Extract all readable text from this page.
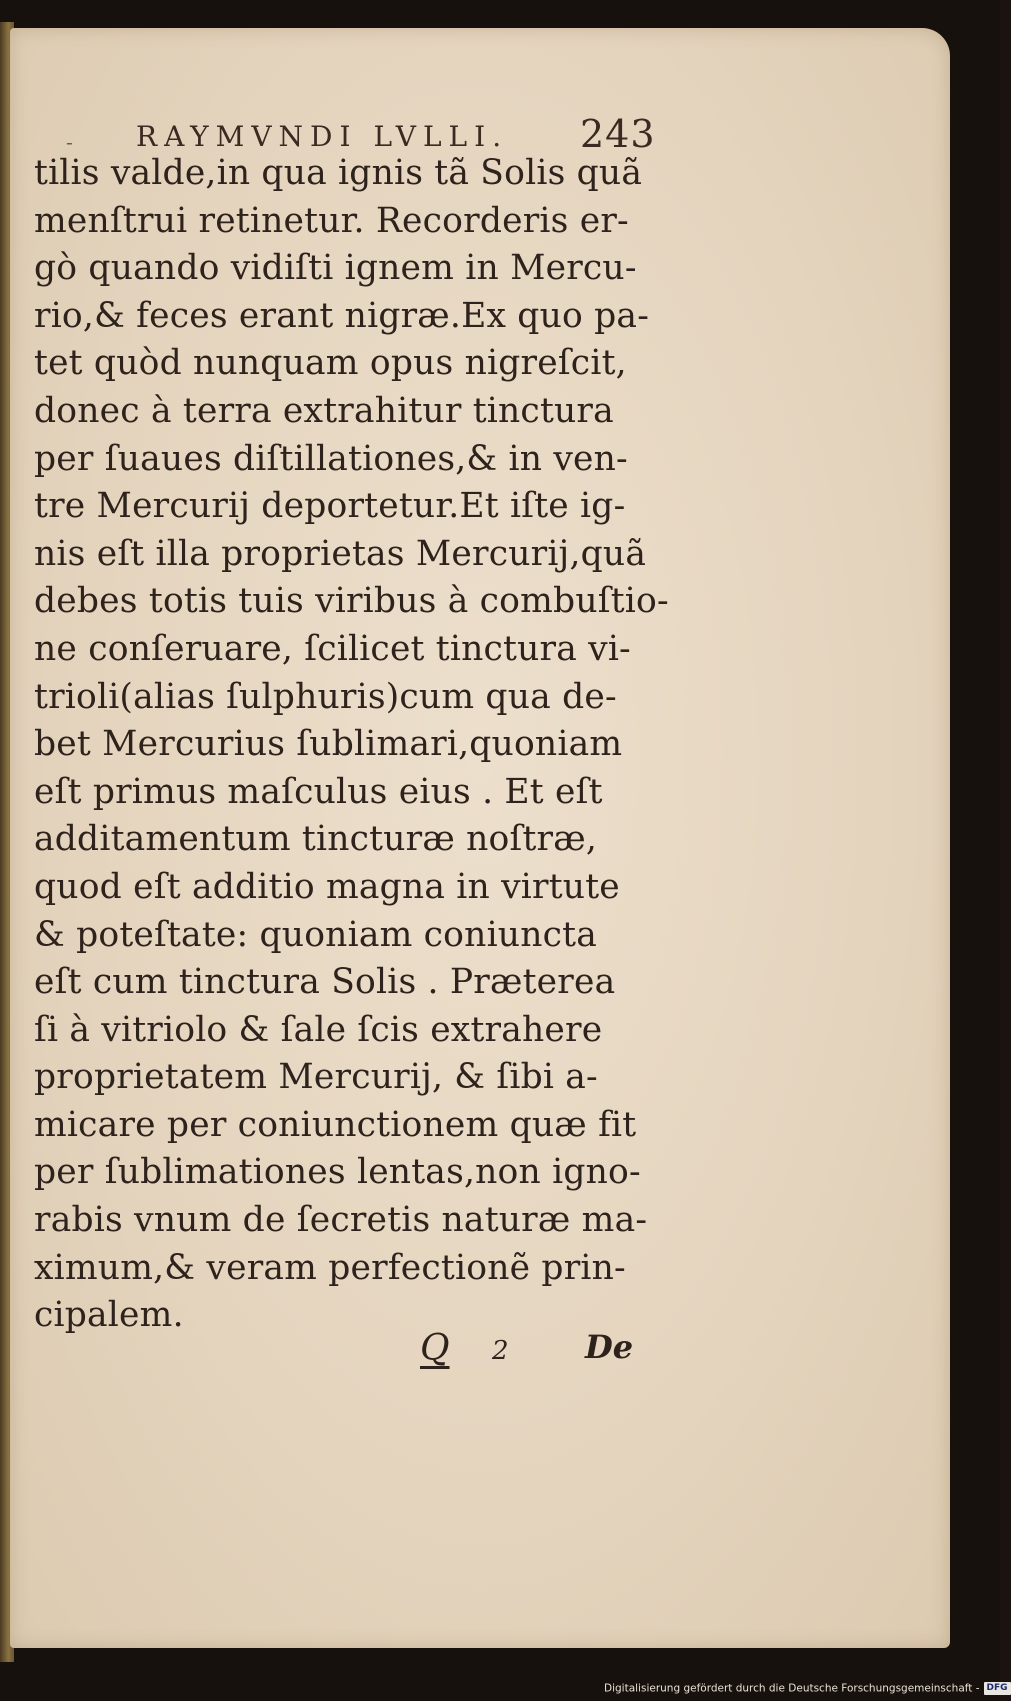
- RAYMVNDI LVLLI. 243
tilis valde,in qua ignis tã Solis quã
menſtrui retinetur. Recorderis er-
gò quando vidiſti ignem in Mercu-
rio,& feces erant nigræ.Ex quo pa-
tet quòd nunquam opus nigreſcit,
donec à terra extrahitur tinctura
per ſuaues diſtillationes,& in ven-
tre Mercurij deportetur.Et iſte ig-
nis eſt illa proprietas Mercurij,quã
debes totis tuis viribus à combuſtio-
ne conſeruare, ſcilicet tinctura vi-
trioli(alias ſulphuris)cum qua de-
bet Mercurius ſublimari,quoniam
eſt primus maſculus eius . Et eſt
additamentum tincturæ noſtræ,
quod eſt additio magna in virtute
& poteſtate: quoniam coniuncta
eſt cum tinctura Solis . Præterea
ſi à vitriolo & ſale ſcis extrahere
proprietatem Mercurij, & ſibi a-
micare per coniunctionem quæ fit
per ſublimationes lentas,non igno-
rabis vnum de ſecretis naturæ ma-
ximum,& veram perfectionẽ prin-
cipalem.
Q 2 De
Digitalisierung gefördert durch die Deutsche Forschungsgemeinschaft - DFG
